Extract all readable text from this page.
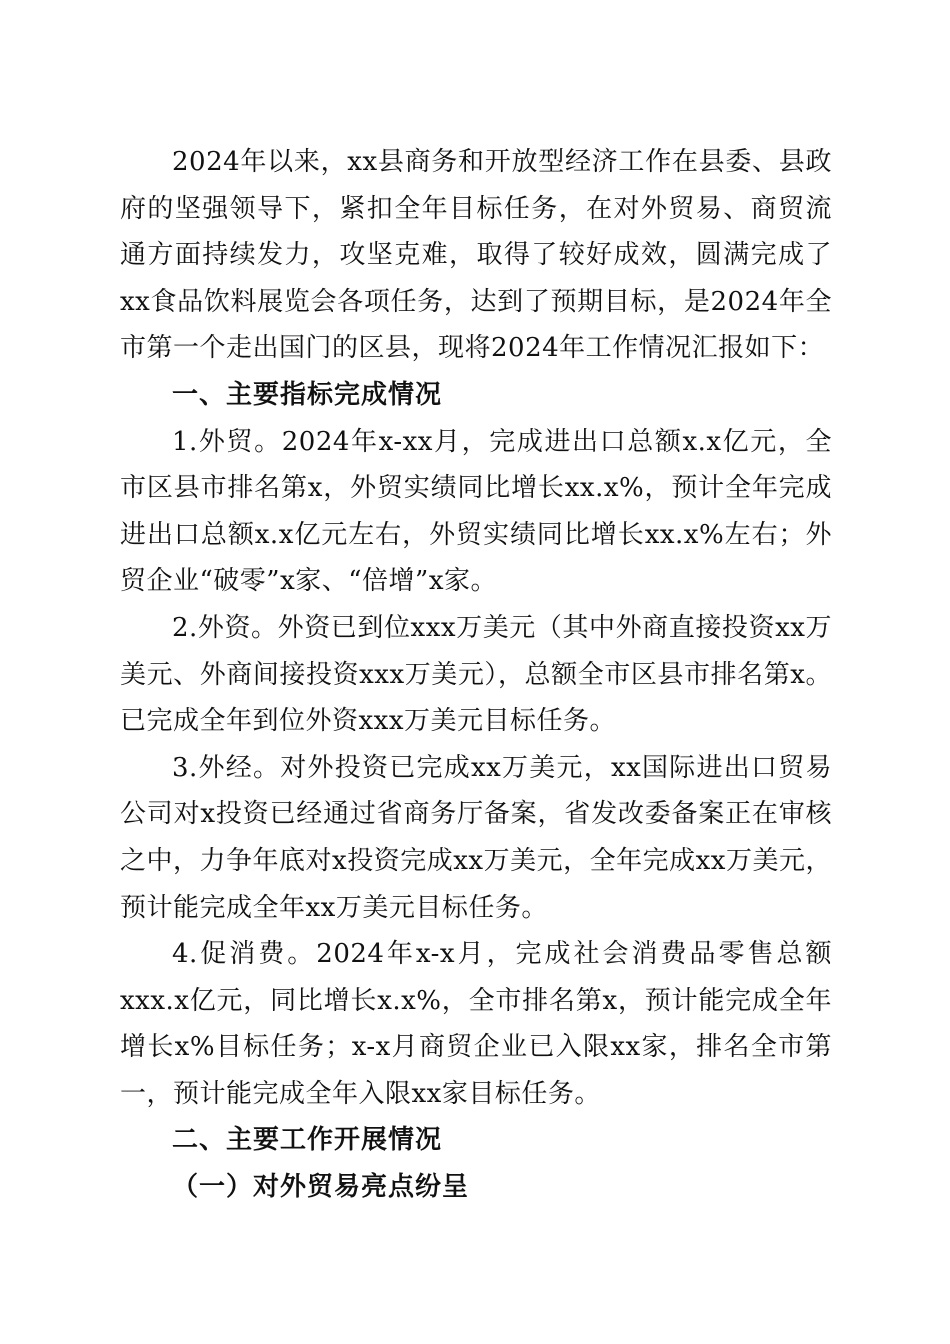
2024年以来，xx县商务和开放型经济工作在县委、县政府的坚强领导下，紧扣全年目标任务，在对外贸易、商贸流通方面持续发力，攻坚克难，取得了较好成效，圆满完成了xx食品饮料展览会各项任务，达到了预期目标，是2024年全市第一个走出国门的区县，现将2024年工作情况汇报如下：

一、主要指标完成情况

1.外贸。2024年x-xx月，完成进出口总额x.x亿元，全市区县市排名第x，外贸实绩同比增长xx.x%，预计全年完成进出口总额x.x亿元左右，外贸实绩同比增长xx.x%左右；外贸企业“破零”x家、“倍增”x家。

2.外资。外资已到位xxx万美元（其中外商直接投资xx万美元、外商间接投资xxx万美元），总额全市区县市排名第x。已完成全年到位外资xxx万美元目标任务。

3.外经。对外投资已完成xx万美元，xx国际进出口贸易公司对x投资已经通过省商务厅备案，省发改委备案正在审核之中，力争年底对x投资完成xx万美元，全年完成xx万美元，预计能完成全年xx万美元目标任务。

4.促消费。2024年x-x月，完成社会消费品零售总额xxx.x亿元，同比增长x.x%，全市排名第x，预计能完成全年增长x%目标任务；x-x月商贸企业已入限xx家，排名全市第一，预计能完成全年入限xx家目标任务。

二、主要工作开展情况

（一）对外贸易亮点纷呈
